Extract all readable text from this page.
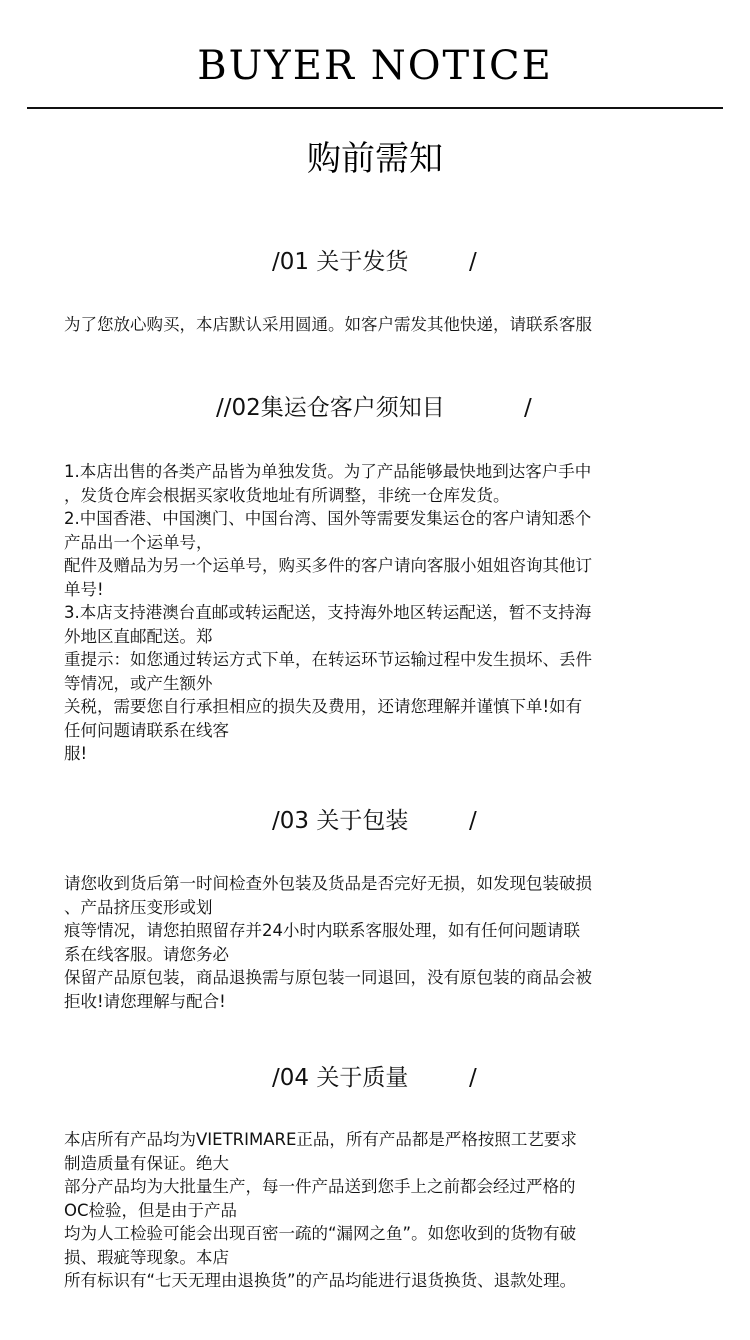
BUYER NOTICE
购前需知
/01 关于发货	/
为了您放心购买，本店默认采用圆通。如客户需发其他快递，请联系客服
//02集运仓客户须知目	/
1.本店出售的各类产品皆为单独发货。为了产品能够最快地到达客户手中
，发货仓库会根据买家收货地址有所调整，非统一仓库发货。
2.中国香港、中国澳门、中国台湾、国外等需要发集运仓的客户请知悉个
产品出一个运单号，
配件及赠品为另一个运单号，购买多件的客户请向客服小姐姐咨询其他订
单号!
3.本店支持港澳台直邮或转运配送，支持海外地区转运配送，暂不支持海
外地区直邮配送。郑
重提示：如您通过转运方式下单，在转运环节运输过程中发生损坏、丢件
等情况，或产生额外
关税，需要您自行承担相应的损失及费用，还请您理解并谨慎下单!如有
任何问题请联系在线客
服!
/03 关于包装	/
请您收到货后第一时间检查外包装及货品是否完好无损，如发现包装破损
、产品挤压变形或划
痕等情况，请您拍照留存并24小时内联系客服处理，如有任何问题请联
系在线客服。请您务必
保留产品原包装，商品退换需与原包装一同退回，没有原包装的商品会被
拒收!请您理解与配合!
/04 关于质量	/
本店所有产品均为VIETRIMARE正品，所有产品都是严格按照工艺要求
制造质量有保证。绝大
部分产品均为大批量生产，每一件产品送到您手上之前都会经过严格的
OC检验，但是由于产品
均为人工检验可能会出现百密一疏的“漏网之鱼”。如您收到的货物有破
损、瑕疵等现象。本店
所有标识有“七天无理由退换货”的产品均能进行退货换货、退款处理。
